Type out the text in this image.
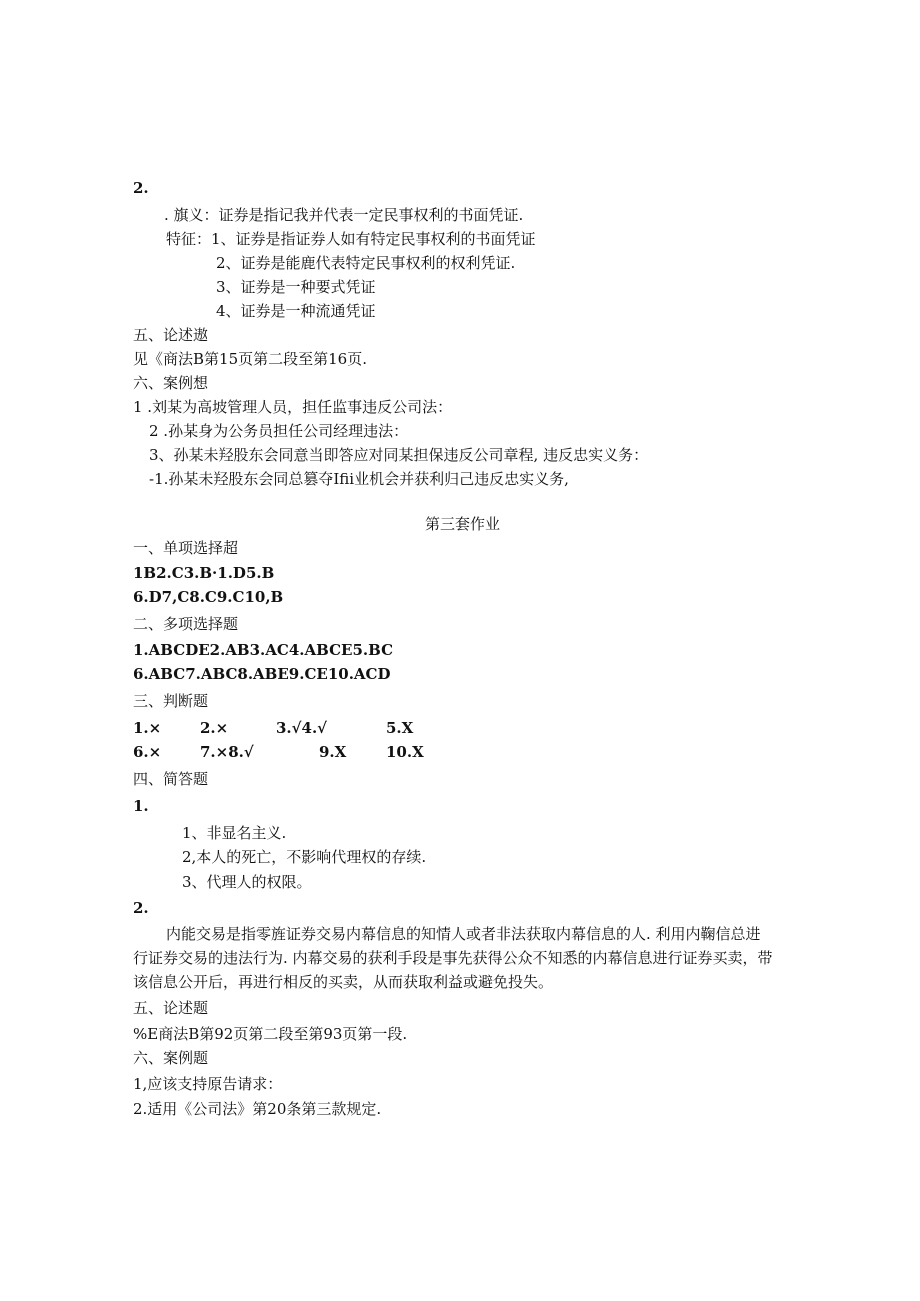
2.
. 旗义：证券是指记我并代表一定民事权利的书面凭证.
特征：1、证券是指证券人如有特定民事权利的书面凭证
2、证券是能鹿代表特定民事权利的权利凭证.
3、证券是一种要式凭证
4、证券是一种流通凭证
五、论述遨
见《商法B第15页第二段至第16页.
六、案例想
1 .刘某为高坡管理人员，担任监事违反公司法：
2 .孙某身为公务员担任公司经理违法：
3、孙某未羟股东会同意当即答应对同某担保违反公司章程, 违反忠实义务：
-1.孙某未羟股东会同总篡夺Ifii业机会并获利归己违反忠实义务,
第三套作业
一、单项选择超
1B2.C3.B·1.D5.B
6.D7,C8.C9.C10,B
二、多项选择题
1.ABCDE2.AB3.AC4.ABCE5.BC
6.ABC7.ABC8.ABE9.CE10.ACD
三、判断题
1.×	2.×	3.√4.√	5.X
6.×	7.×8.√	9.X	10.X
四、简答题
1.
1、非显名主义.
2,本人的死亡，不影响代理权的存续.
3、代理人的权限。
2.
内能交易是指零旌证券交易内幕信息的知情人或者非法获取内幕信息的人. 利用内鞠信总进
行证券交易的违法行为. 内幕交易的获利手段是事先获得公众不知悉的内幕信息进行证券买卖，带
该信息公开后，再进行相反的买卖，从而获取利益或避免投失。
五、论述题
%E商法B第92页第二段至第93页第一段.
六、案例题
1,应该支持原告请求：
2.适用《公司法》第20条第三款规定.
